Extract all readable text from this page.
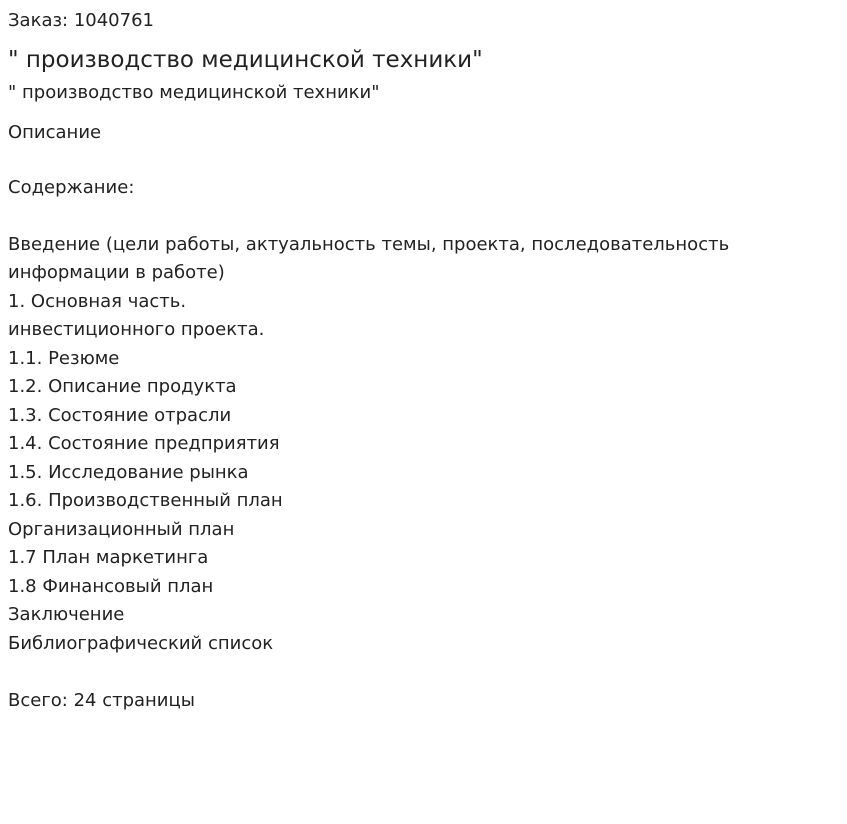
Заказ: 1040761
" производство медицинской техники"
" производство медицинской техники"
Описание
Содержание:
Введение (цели работы, актуальность темы, проекта, последовательность
информации в работе)
1. Основная часть.
инвестиционного проекта.
1.1. Резюме
1.2. Описание продукта
1.3. Состояние отрасли
1.4. Состояние предприятия
1.5. Исследование рынка
1.6. Производственный план
Организационный план
1.7 План маркетинга
1.8 Финансовый план
Заключение
Библиографический список
Всего: 24 страницы
